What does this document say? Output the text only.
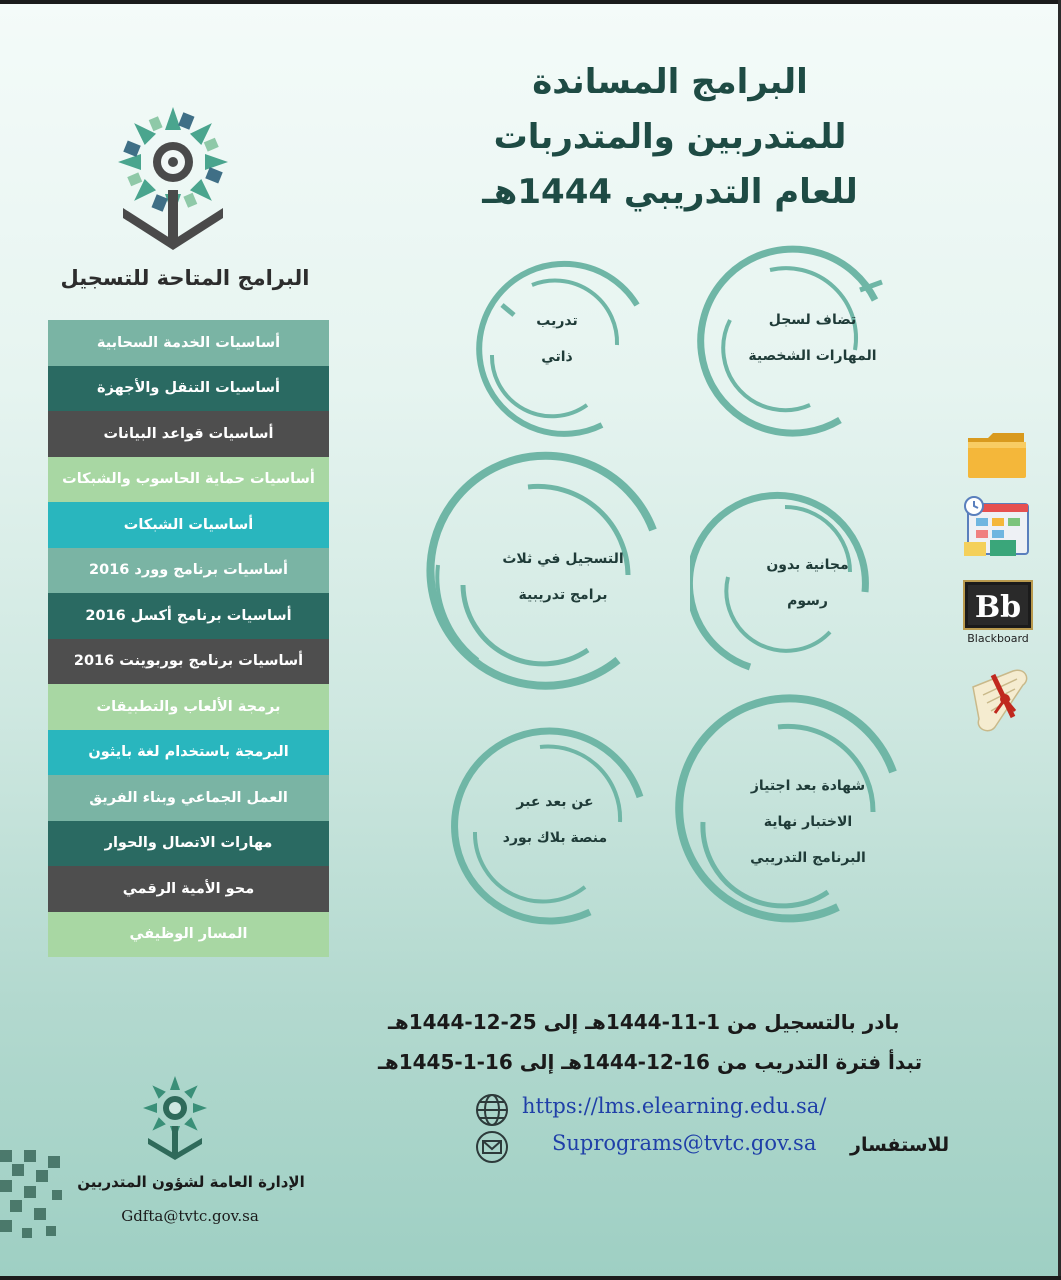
البرامج المساندة
للمتدربين والمتدربات
للعام التدريبي 1444هـ
البرامج المتاحة للتسجيل
أساسيات الخدمة السحابية
أساسيات التنقل والأجهزة
أساسيات قواعد البيانات
أساسيات حماية الحاسوب والشبكات
أساسيات الشبكات
أساسيات برنامج وورد 2016
أساسيات برنامج أكسل 2016
أساسيات برنامج بوربوينت 2016
برمجة الألعاب والتطبيقات
البرمجة باستخدام لغة بايثون
العمل الجماعي وبناء الفريق
مهارات الاتصال والحوار
محو الأمية الرقمي
المسار الوظيفي
تضاف لسجل
المهارات الشخصية
تدريب
ذاتي
مجانية بدون
رسوم
التسجيل في ثلاث
برامج تدريبية
شهادة بعد اجتياز
الاختبار نهاية
البرنامج التدريبي
عن بعد عبر
منصة بلاك بورد
Bb
Blackboard
بادر بالتسجيل من 1-11-1444هـ إلى 25-12-1444هـ
تبدأ فترة التدريب من 16-12-1444هـ إلى 16-1-1445هـ
https://lms.elearning.edu.sa/
Suprograms@tvtc.gov.sa للاستفسار
الإدارة العامة لشؤون المتدربين
Gdfta@tvtc.gov.sa
